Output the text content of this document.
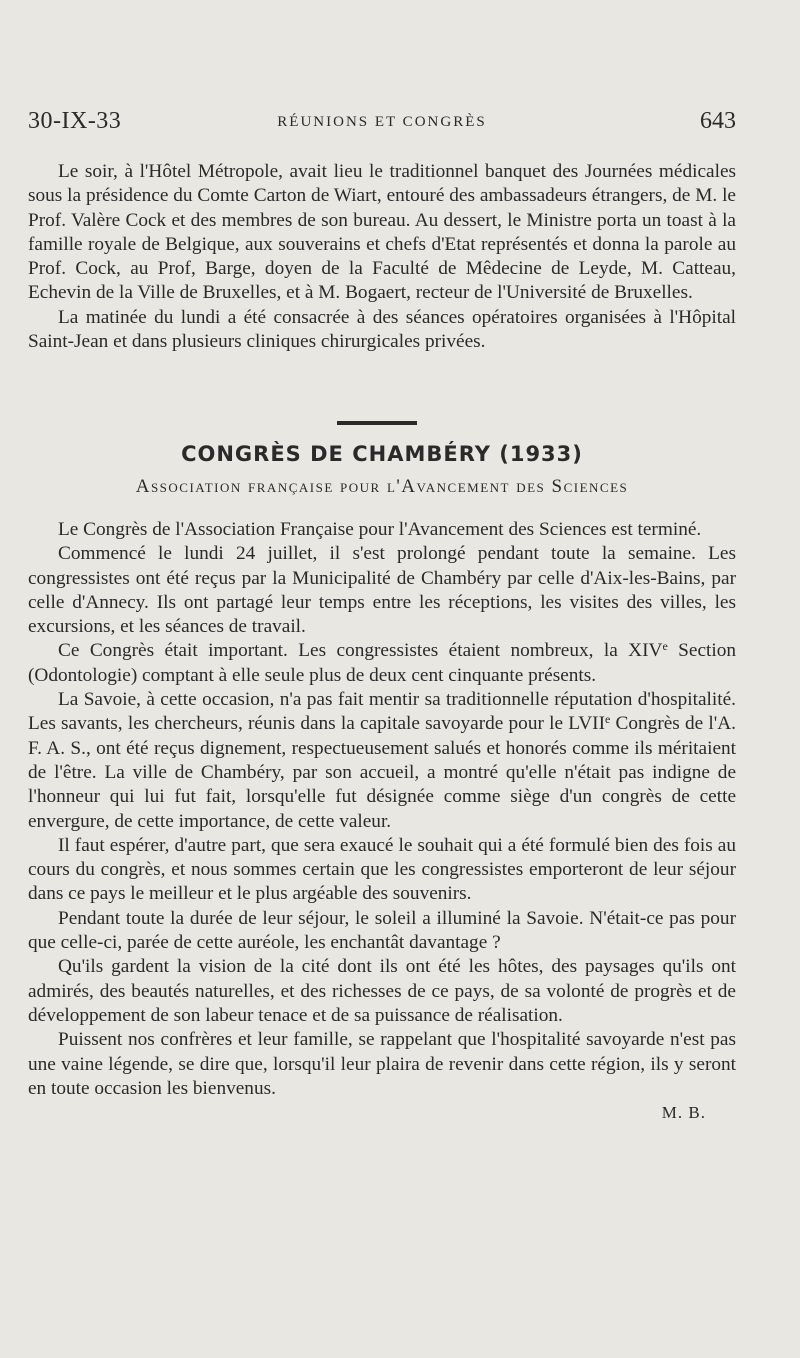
30-IX-33	RÉUNIONS ET CONGRÈS	643

Le soir, à l'Hôtel Métropole, avait lieu le traditionnel banquet des Journées médicales sous la présidence du Comte Carton de Wiart, entouré des ambassadeurs étrangers, de M. le Prof. Valère Cock et des membres de son bureau. Au dessert, le Ministre porta un toast à la famille royale de Belgique, aux souverains et chefs d'Etat représentés et donna la parole au Prof. Cock, au Prof, Barge, doyen de la Faculté de Mêdecine de Leyde, M. Catteau, Echevin de la Ville de Bruxelles, et à M. Bogaert, recteur de l'Université de Bruxelles.

La matinée du lundi a été consacrée à des séances opératoires organisées à l'Hôpital Saint-Jean et dans plusieurs cliniques chirurgicales privées.

CONGRÈS DE CHAMBÉRY (1933)
Association française pour l'Avancement des Sciences

Le Congrès de l'Association Française pour l'Avancement des Sciences est terminé.

Commencé le lundi 24 juillet, il s'est prolongé pendant toute la semaine. Les congressistes ont été reçus par la Municipalité de Chambéry par celle d'Aix-les-Bains, par celle d'Annecy. Ils ont partagé leur temps entre les réceptions, les visites des villes, les excursions, et les séances de travail.

Ce Congrès était important. Les congressistes étaient nombreux, la XIVe Section (Odontologie) comptant à elle seule plus de deux cent cinquante présents.

La Savoie, à cette occasion, n'a pas fait mentir sa traditionnelle réputation d'hospitalité. Les savants, les chercheurs, réunis dans la capitale savoyarde pour le LVIIe Congrès de l'A. F. A. S., ont été reçus dignement, respectueusement salués et honorés comme ils méritaient de l'être. La ville de Chambéry, par son accueil, a montré qu'elle n'était pas indigne de l'honneur qui lui fut fait, lorsqu'elle fut désignée comme siège d'un congrès de cette envergure, de cette importance, de cette valeur.

Il faut espérer, d'autre part, que sera exaucé le souhait qui a été formulé bien des fois au cours du congrès, et nous sommes certain que les congressistes emporteront de leur séjour dans ce pays le meilleur et le plus argéable des souvenirs.

Pendant toute la durée de leur séjour, le soleil a illuminé la Savoie. N'était-ce pas pour que celle-ci, parée de cette auréole, les enchantât davantage ?

Qu'ils gardent la vision de la cité dont ils ont été les hôtes, des paysages qu'ils ont admirés, des beautés naturelles, et des richesses de ce pays, de sa volonté de progrès et de développement de son labeur tenace et de sa puissance de réalisation.

Puissent nos confrères et leur famille, se rappelant que l'hospitalité savoyarde n'est pas une vaine légende, se dire que, lorsqu'il leur plaira de revenir dans cette région, ils y seront en toute occasion les bienvenus.

M. B.
